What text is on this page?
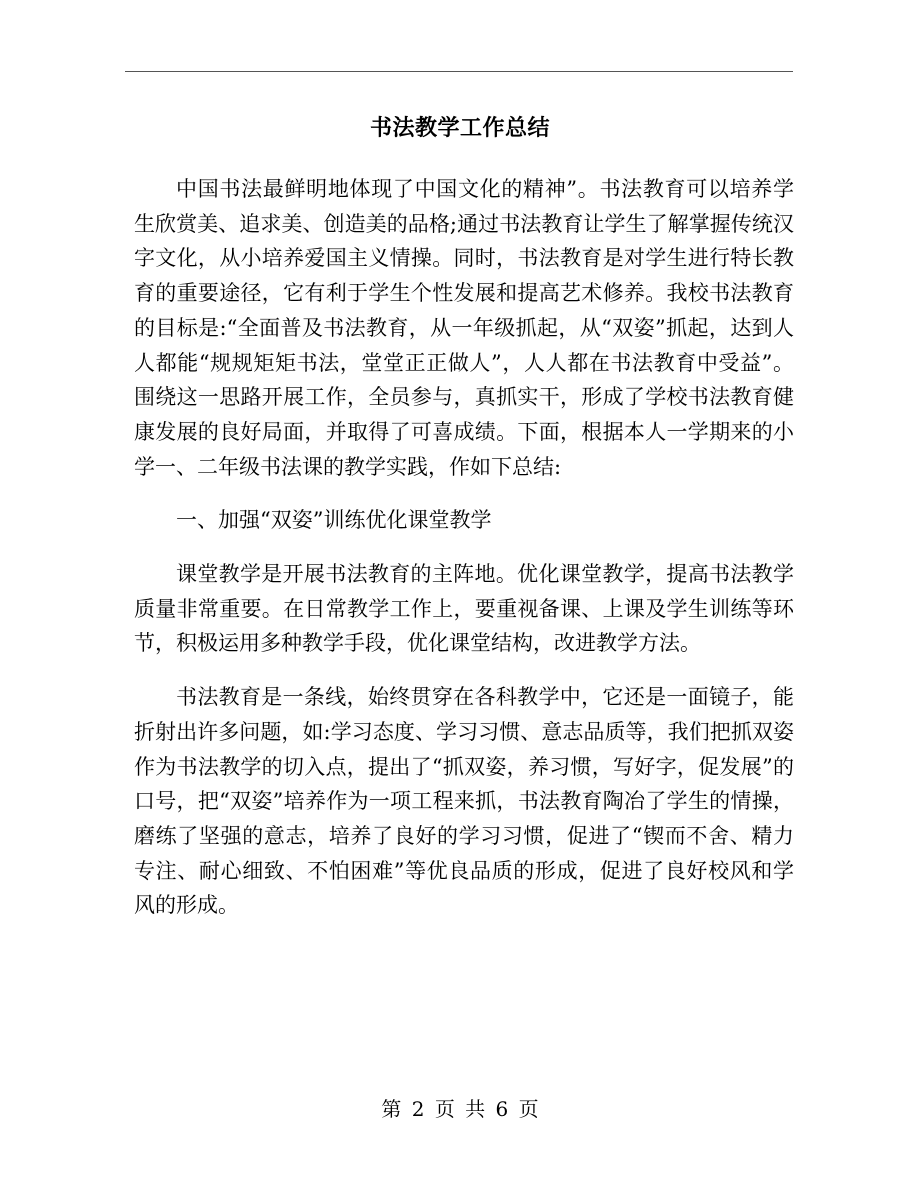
书法教学工作总结

中国书法最鲜明地体现了中国文化的精神”。书法教育可以培养学生欣赏美、追求美、创造美的品格;通过书法教育让学生了解掌握传统汉字文化，从小培养爱国主义情操。同时，书法教育是对学生进行特长教育的重要途径，它有利于学生个性发展和提高艺术修养。我校书法教育的目标是:“全面普及书法教育，从一年级抓起，从“双姿”抓起，达到人人都能“规规矩矩书法，堂堂正正做人”，人人都在书法教育中受益”。围绕这一思路开展工作，全员参与，真抓实干，形成了学校书法教育健康发展的良好局面，并取得了可喜成绩。下面，根据本人一学期来的小学一、二年级书法课的教学实践，作如下总结:

一、加强“双姿”训练优化课堂教学

课堂教学是开展书法教育的主阵地。优化课堂教学，提高书法教学质量非常重要。在日常教学工作上，要重视备课、上课及学生训练等环节，积极运用多种教学手段，优化课堂结构，改进教学方法。

书法教育是一条线，始终贯穿在各科教学中，它还是一面镜子，能折射出许多问题，如:学习态度、学习习惯、意志品质等，我们把抓双姿作为书法教学的切入点，提出了“抓双姿，养习惯，写好字，促发展”的口号，把“双姿”培养作为一项工程来抓，书法教育陶冶了学生的情操，磨练了坚强的意志，培养了良好的学习习惯，促进了“锲而不舍、精力专注、耐心细致、不怕困难”等优良品质的形成，促进了良好校风和学风的形成。

第 2 页 共 6 页
